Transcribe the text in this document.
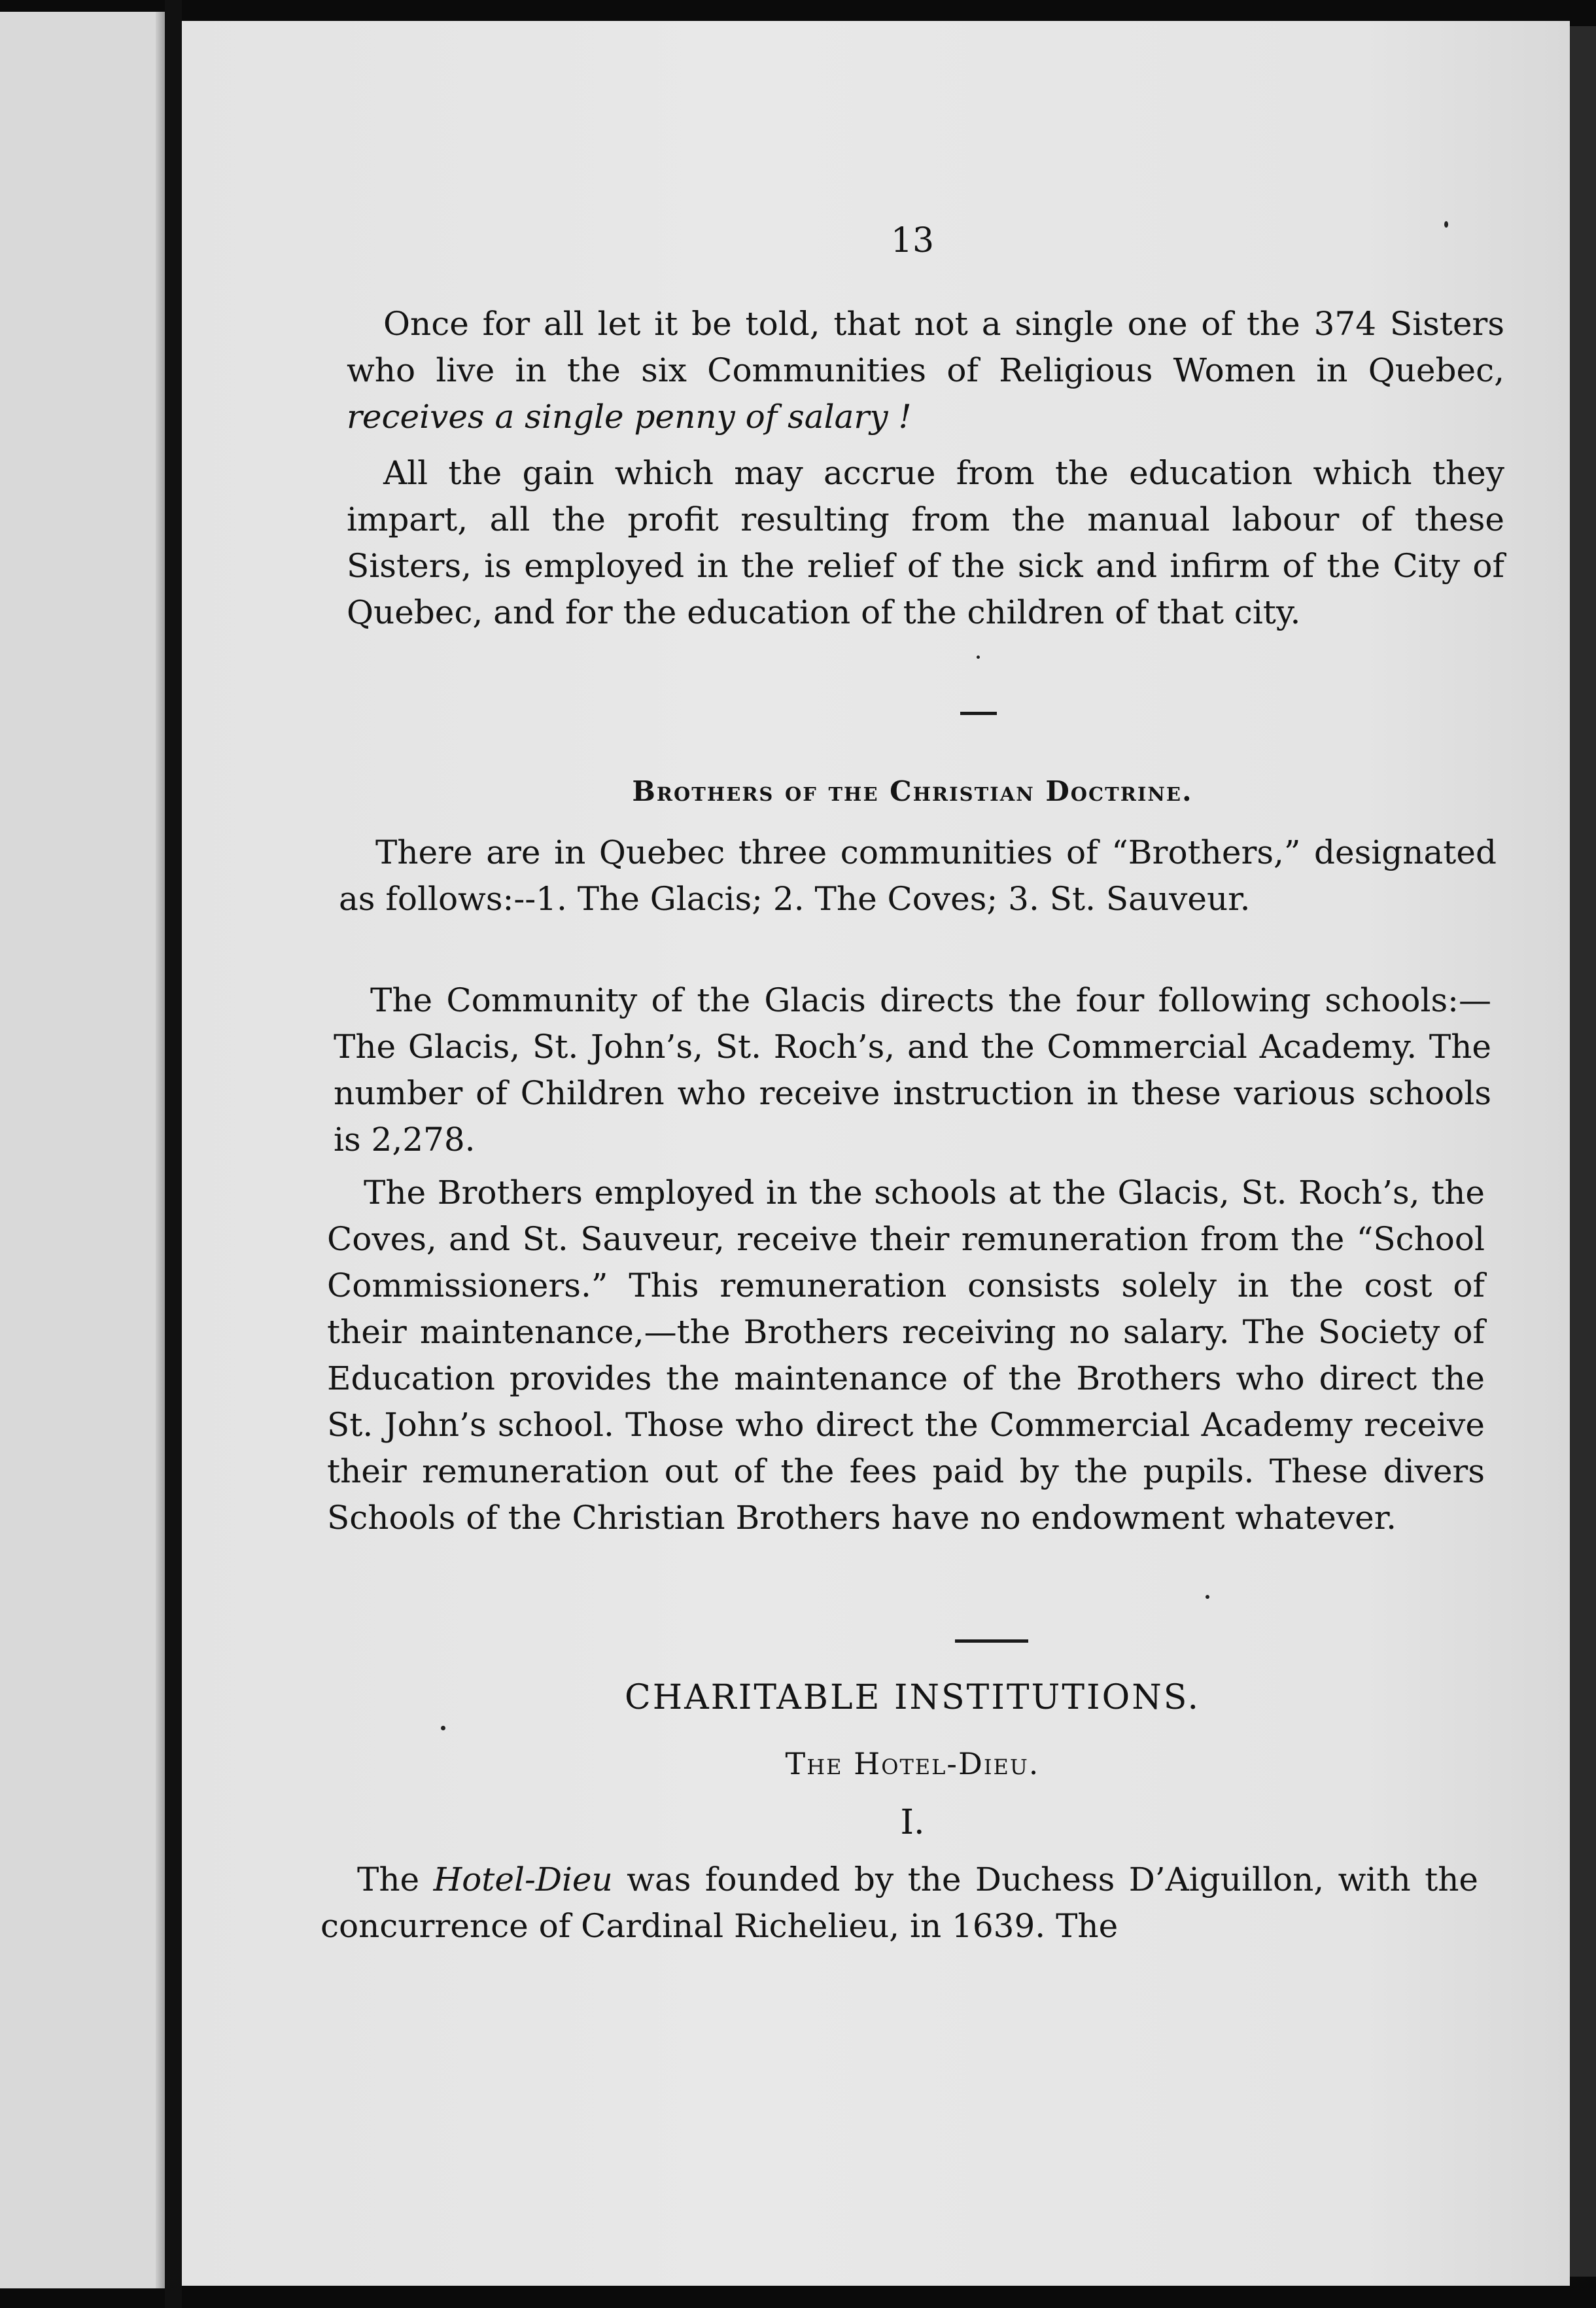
13

Once for all let it be told, that not a single one of the 374 Sisters who live in the six Communities of Religious Women in Quebec, receives a single penny of salary !

All the gain which may accrue from the education which they impart, all the profit resulting from the manual labour of these Sisters, is employed in the relief of the sick and infirm of the City of Quebec, and for the education of the children of that city.

Brothers of the Christian Doctrine.

There are in Quebec three communities of “Brothers,” designated as follows:--1. The Glacis; 2. The Coves; 3. St. Sauveur.

The Community of the Glacis directs the four following schools:—The Glacis, St. John’s, St. Roch’s, and the Commercial Academy. The number of Children who receive instruction in these various schools is 2,278.

The Brothers employed in the schools at the Glacis, St. Roch’s, the Coves, and St. Sauveur, receive their remuneration from the “School Commissioners.” This remuneration consists solely in the cost of their maintenance,—the Brothers receiving no salary. The Society of Education provides the maintenance of the Brothers who direct the St. John’s school. Those who direct the Commercial Academy receive their remuneration out of the fees paid by the pupils. These divers Schools of the Christian Brothers have no endowment whatever.

CHARITABLE INSTITUTIONS.
The Hotel-Dieu.
I.

The Hotel-Dieu was founded by the Duchess D’Aiguillon, with the concurrence of Cardinal Richelieu, in 1639. The
